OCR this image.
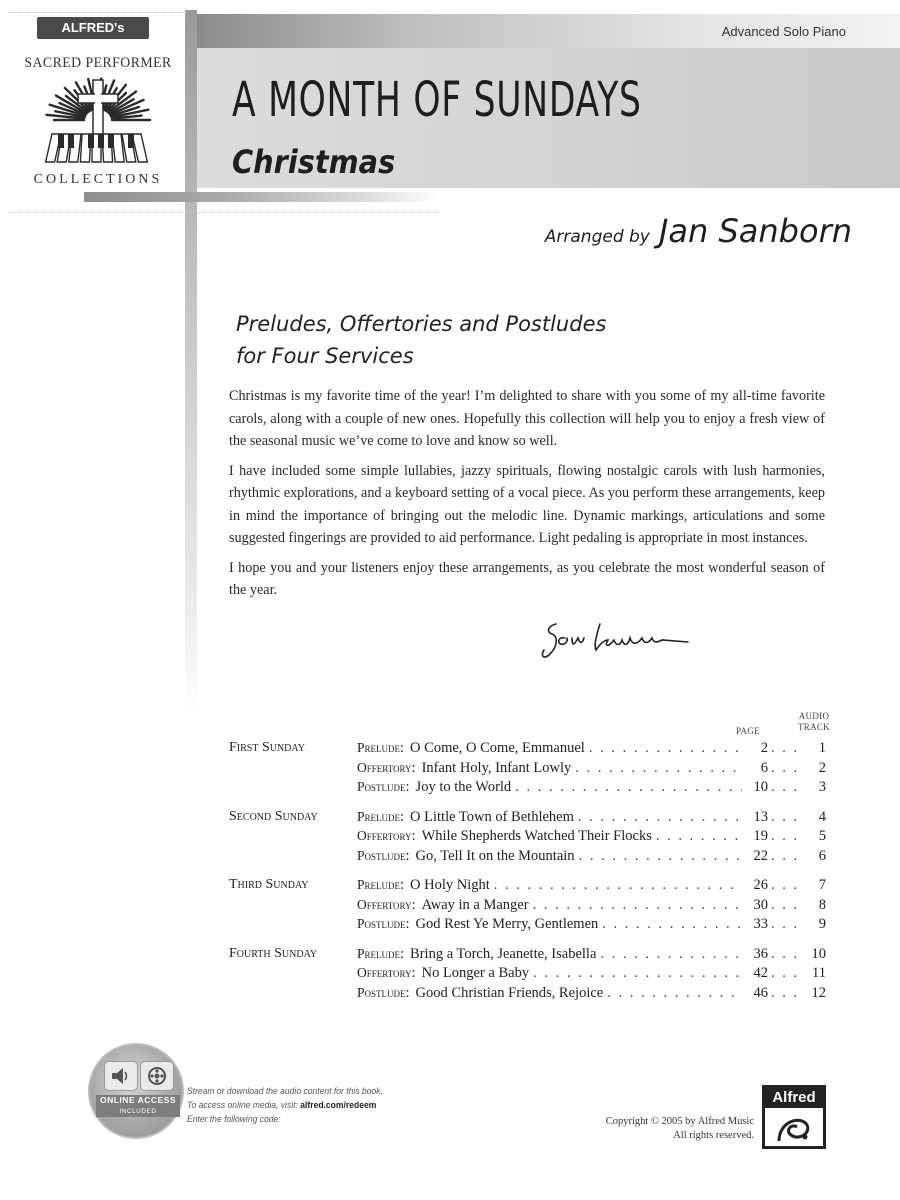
ALFRED's
SACRED PERFORMER
COLLECTIONS
Advanced Solo Piano
A MONTH OF SUNDAYS
Christmas
Arranged by Jan Sanborn
Preludes, Offertories and Postludes
for Four Services

Christmas is my favorite time of the year! I’m delighted to share with you some of my all-time favorite carols, along with a couple of new ones. Hopefully this collection will help you to enjoy a fresh view of the seasonal music we’ve come to love and know so well.

I have included some simple lullabies, jazzy spirituals, flowing nostalgic carols with lush harmonies, rhythmic explorations, and a keyboard setting of a vocal piece. As you perform these arrangements, keep in mind the importance of bringing out the melodic line. Dynamic markings, articulations and some suggested fingerings are provided to aid performance. Light pedaling is appropriate in most instances.

I hope you and your listeners enjoy these arrangements, as you celebrate the most wonderful season of the year.

PAGE
AUDIO
TRACK
First Sunday	Prelude : O Come, O Come, Emmanuel . . .	2 . . .	1
Offertory : Infant Holy, Infant Lowly . . .	6 . . .	2
Postlude : Joy to the World . . .	10 . . .	3
Second Sunday	Prelude : O Little Town of Bethlehem . . .	13 . . .	4
Offertory : While Shepherds Watched Their Flocks . . .	19 . . .	5
Postlude : Go, Tell It on the Mountain . . .	22 . . .	6
Third Sunday	Prelude : O Holy Night . . .	26 . . .	7
Offertory : Away in a Manger . . .	30 . . .	8
Postlude : God Rest Ye Merry, Gentlemen . . .	33 . . .	9
Fourth Sunday	Prelude : Bring a Torch, Jeanette, Isabella . . .	36 . . .	10
Offertory : No Longer a Baby . . .	42 . . .	11
Postlude : Good Christian Friends, Rejoice . . .	46 . . .	12
ONLINE ACCESS
INCLUDED
Stream or download the audio content for this book.
To access online media, visit: alfred.com/redeem
Enter the following code:	Copyright © 2005 by Alfred Music
All rights reserved.
Alfred
